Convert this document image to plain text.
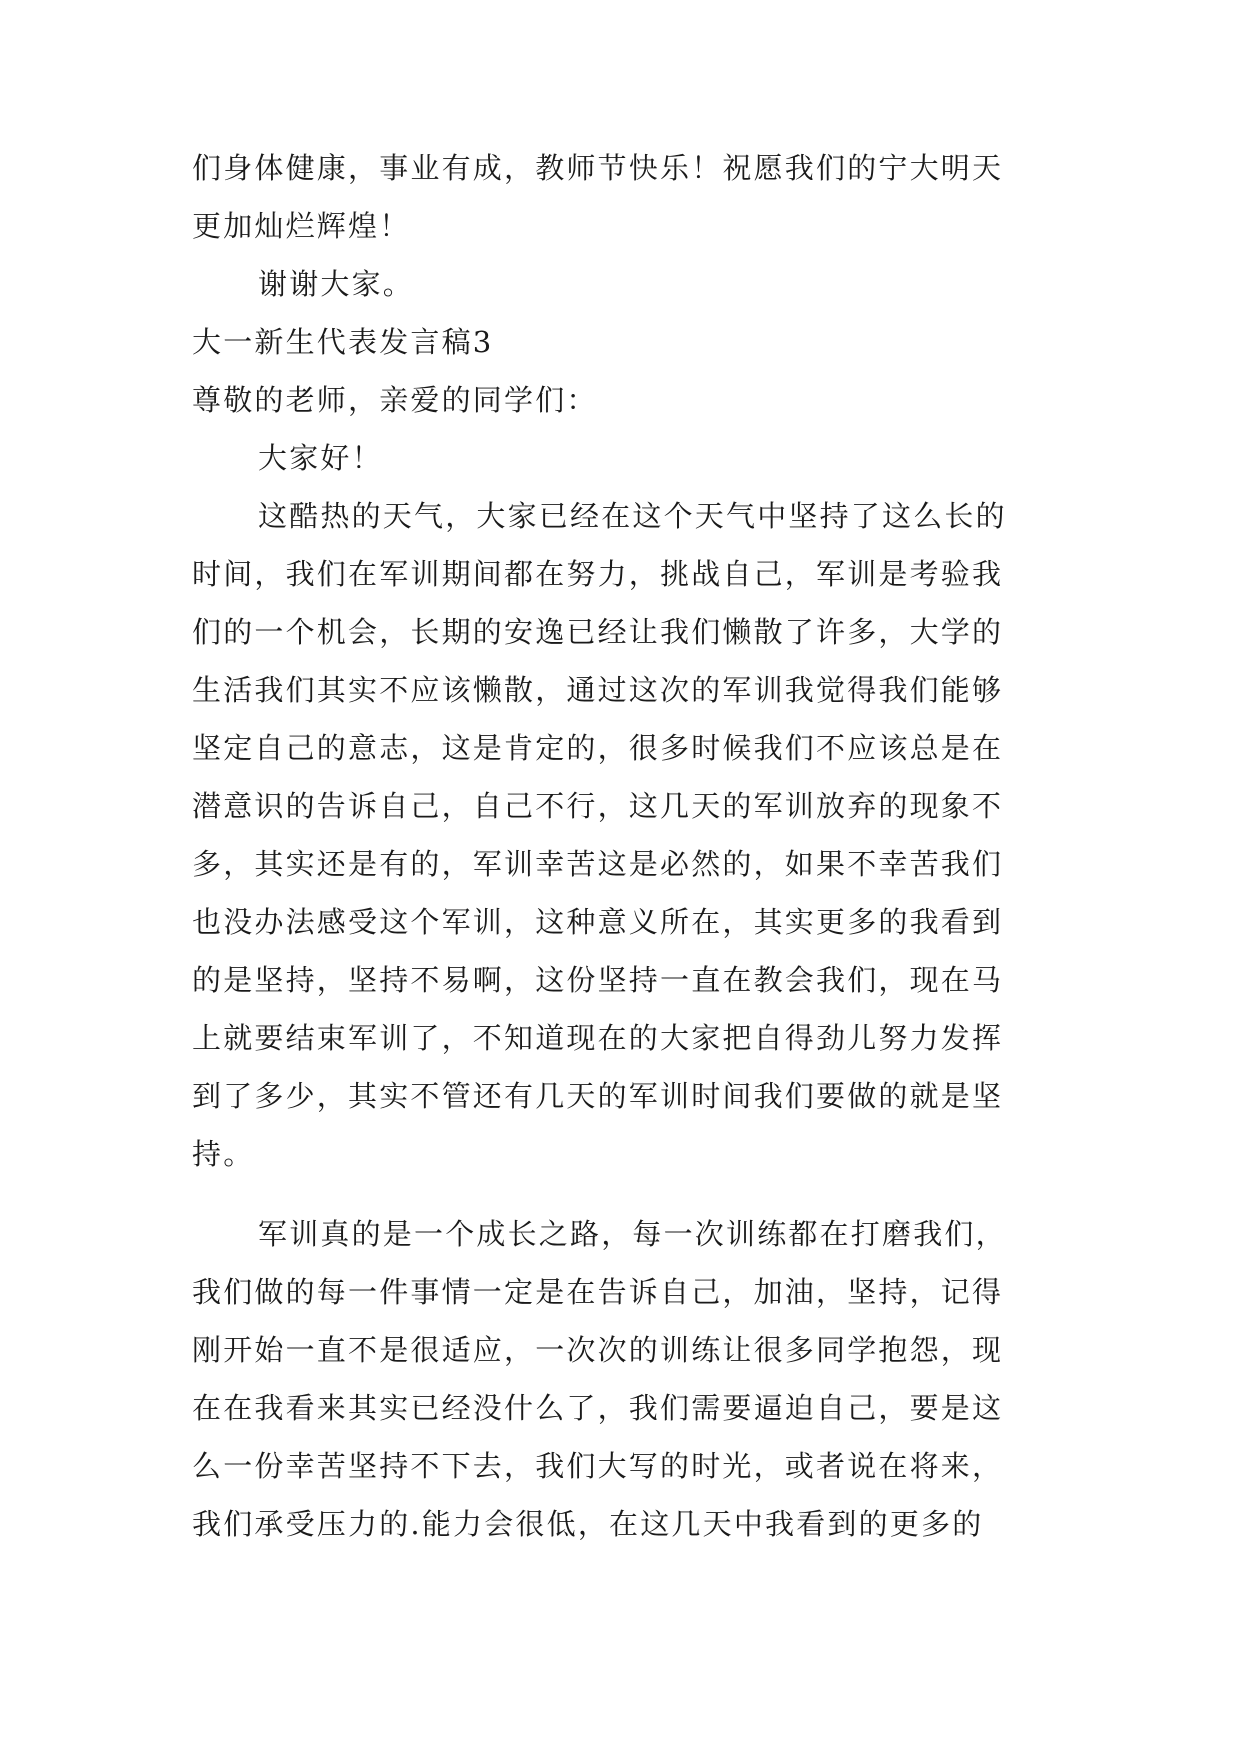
们身体健康，事业有成，教师节快乐！祝愿我们的宁大明天
更加灿烂辉煌！
谢谢大家。
大一新生代表发言稿3
尊敬的老师，亲爱的同学们：
大家好！
这酷热的天气，大家已经在这个天气中坚持了这么长的
时间，我们在军训期间都在努力，挑战自己，军训是考验我
们的一个机会，长期的安逸已经让我们懒散了许多，大学的
生活我们其实不应该懒散，通过这次的军训我觉得我们能够
坚定自己的意志，这是肯定的，很多时候我们不应该总是在
潜意识的告诉自己，自己不行，这几天的军训放弃的现象不
多，其实还是有的，军训幸苦这是必然的，如果不幸苦我们
也没办法感受这个军训，这种意义所在，其实更多的我看到
的是坚持，坚持不易啊，这份坚持一直在教会我们，现在马
上就要结束军训了，不知道现在的大家把自得劲儿努力发挥
到了多少，其实不管还有几天的军训时间我们要做的就是坚
持。
军训真的是一个成长之路，每一次训练都在打磨我们，
我们做的每一件事情一定是在告诉自己，加油，坚持，记得
刚开始一直不是很适应，一次次的训练让很多同学抱怨，现
在在我看来其实已经没什么了，我们需要逼迫自己，要是这
么一份幸苦坚持不下去，我们大写的时光，或者说在将来，
我们承受压力的.能力会很低，在这几天中我看到的更多的
